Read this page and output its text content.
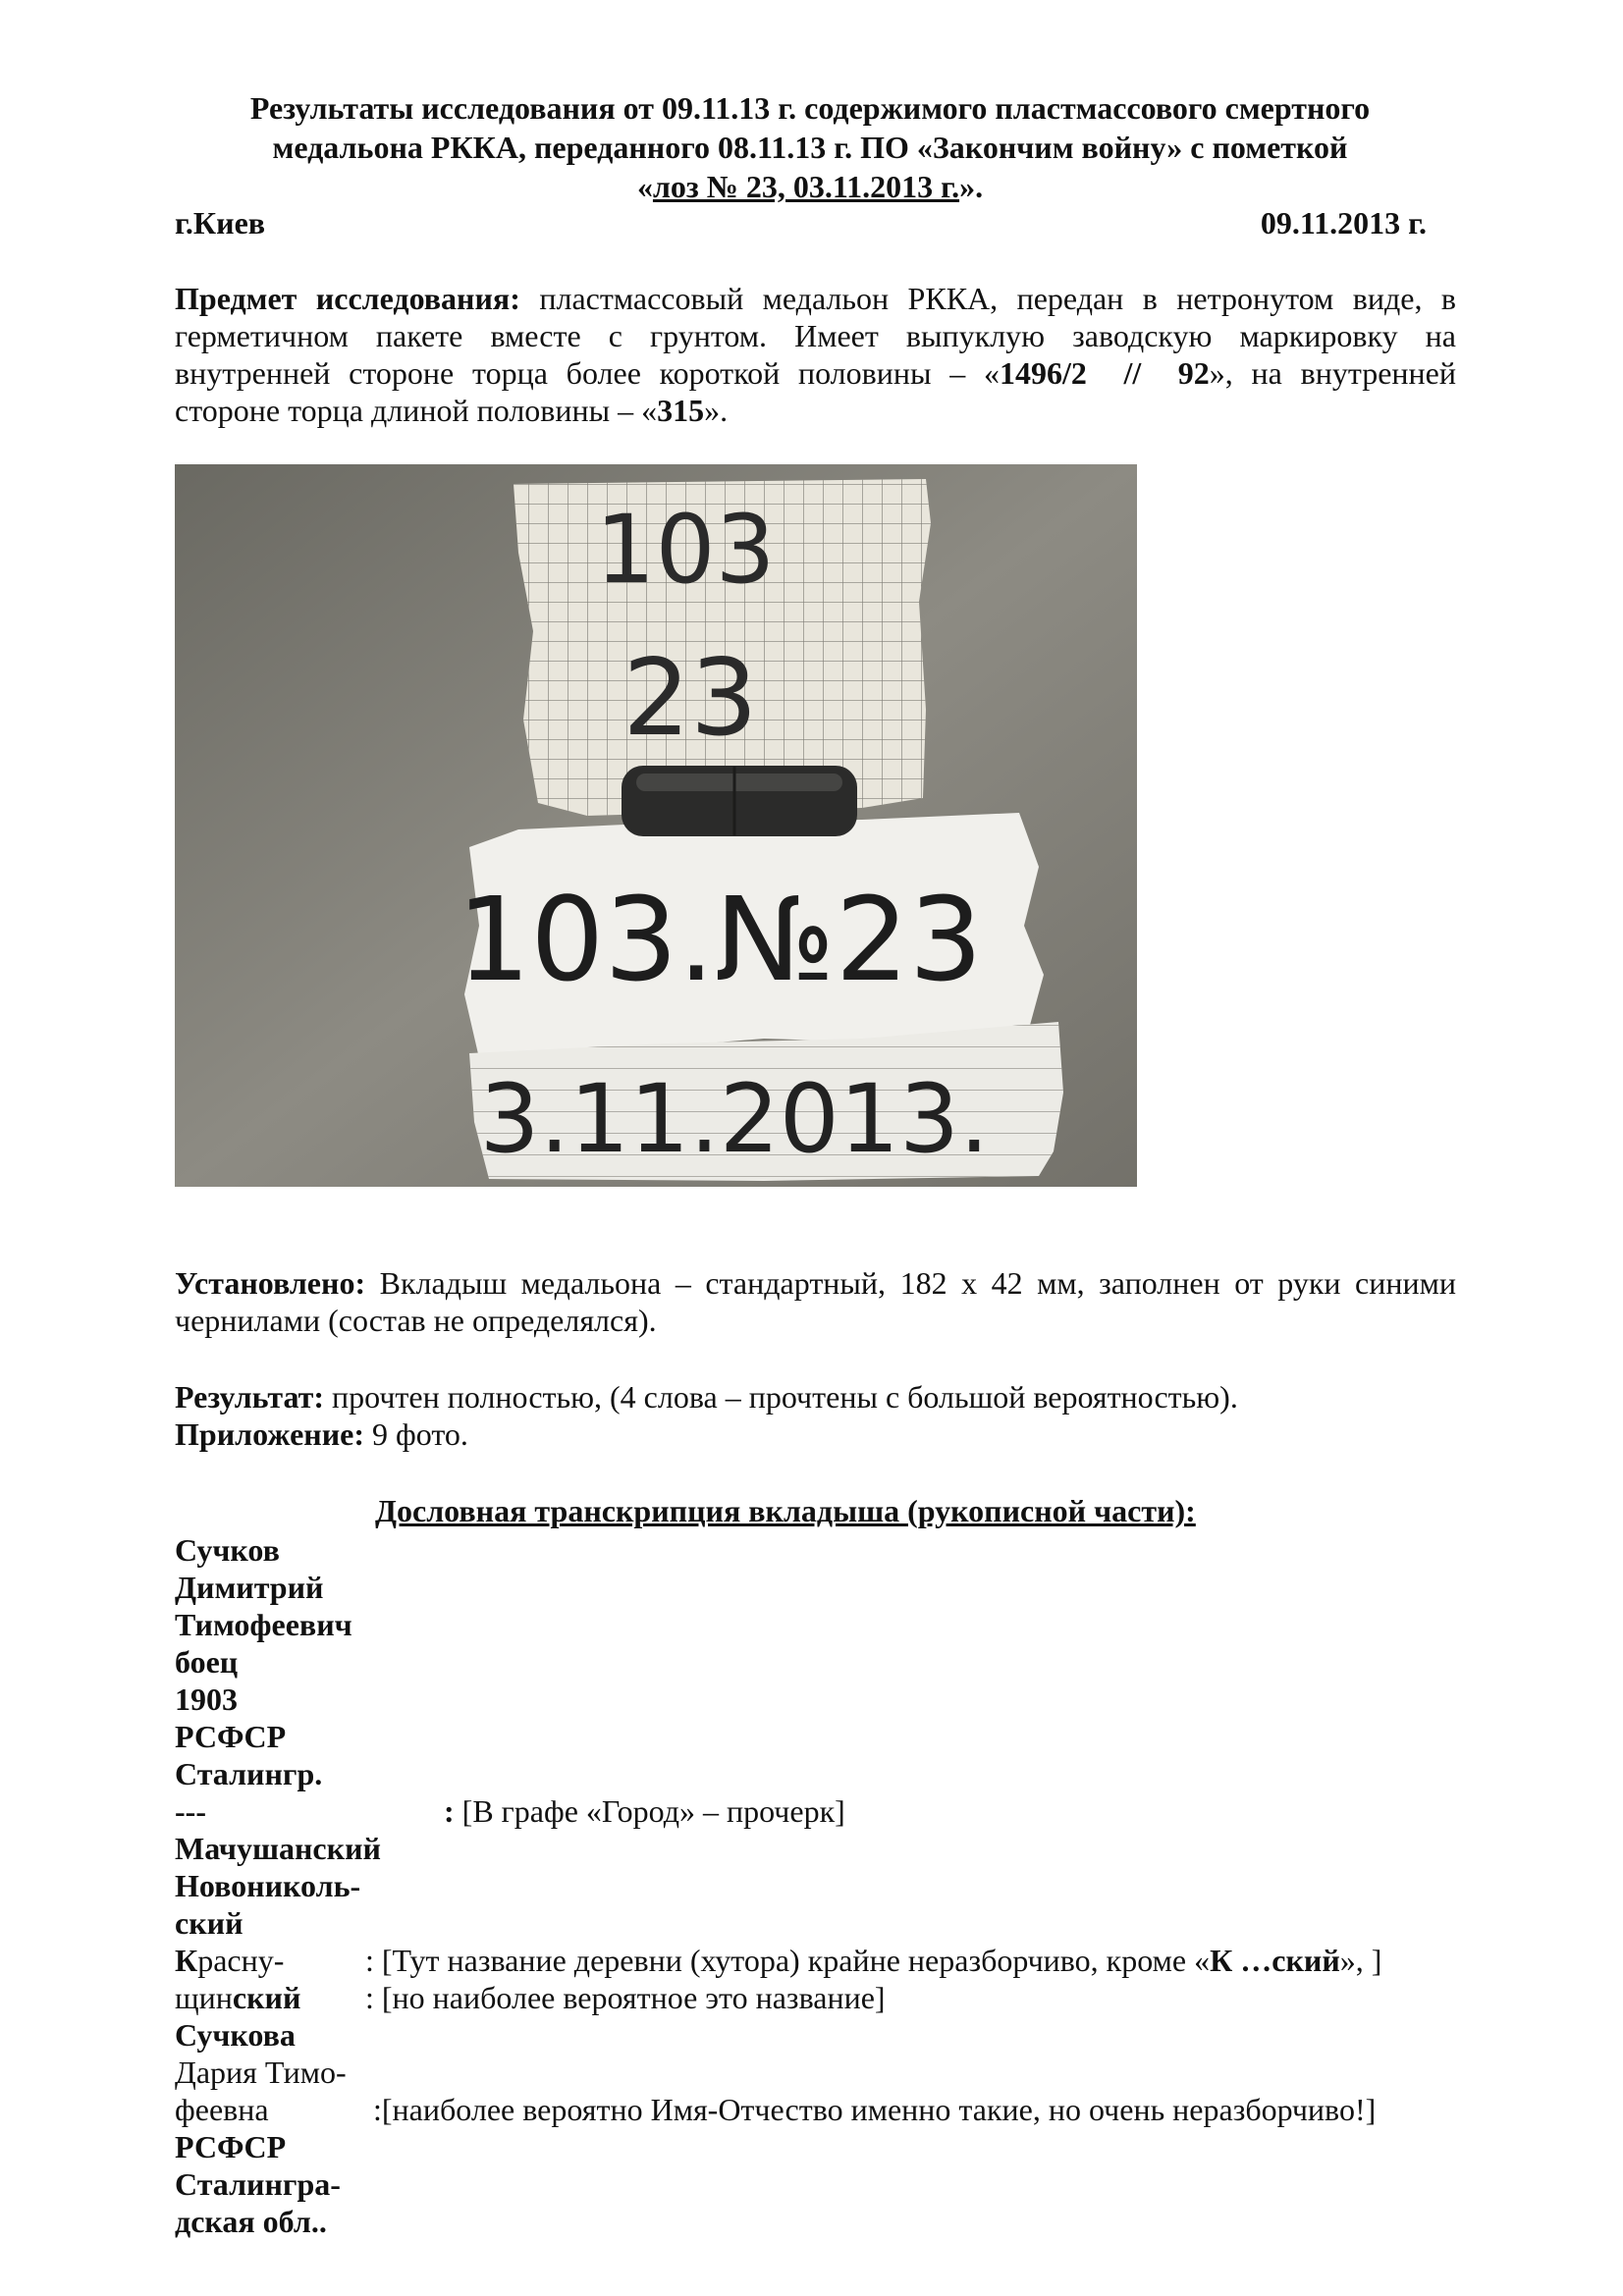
Результаты исследования от 09.11.13 г. содержимого пластмассового смертного
медальона РККА, переданного 08.11.13 г. ПО «Закончим войну» с пометкой
«лоз № 23, 03.11.2013 г.».
г.Киев	09.11.2013 г.
Предмет исследования: пластмассовый медальон РККА, передан в нетронутом виде, в
герметичном пакете вместе с грунтом. Имеет выпуклую заводскую маркировку на
внутренней стороне торца более короткой половины – «1496/2  //  92», на внутренней
стороне торца длиной половины – «315».
103
23
103.№23
3.11.2013.
Установлено: Вкладыш медальона – стандартный, 182 х 42 мм, заполнен от руки синими
чернилами (состав не определялся).
Результат: прочтен полностью, (4 слова – прочтены с большой вероятностью).
Приложение: 9 фото.
Дословная транскрипция вкладыша (рукописной части):
Сучков
Димитрий
Тимофеевич
боец
1903
РСФСР
Сталингр.
---	: [В графе «Город» – прочерк]
Мачушанский
Новониколь-
ский
Красну-	: [Тут название деревни (хутора) крайне неразборчиво, кроме «К …ский», ]
щинский : [но наиболее вероятное это название]
Сучкова
Дария Тимо-
феевна	:[наиболее вероятно Имя-Отчество именно такие, но очень неразборчиво!]
РСФСР
Сталингра-
дская обл..
